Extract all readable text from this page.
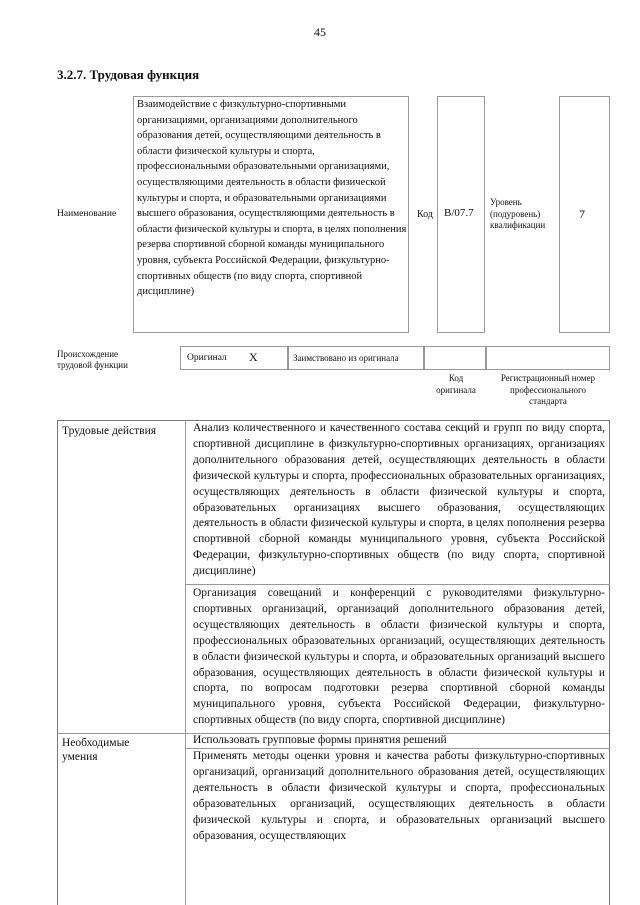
45
3.2.7. Трудовая функция
Наименование
Взаимодействие с физкультурно-спортивными организациями, организациями дополнительного образования детей, осуществляющими деятельность в области физической культуры и спорта, профессиональными образовательными организациями, осуществляющими деятельность в области физической культуры и спорта, и образовательными организациями высшего образования, осуществляющими деятельность в области физической культуры и спорта, в целях пополнения резерва спортивной сборной команды муниципального уровня, субъекта Российской Федерации, физкультурно-спортивных обществ (по виду спорта, спортивной дисциплине)
Код B/07.7
Уровень
(подуровень)
квалификации
7
Происхождение
трудовой функции
Оригинал X	Заимствовано из оригинала
Код
оригинала
Регистрационный номер
профессионального
стандарта
Трудовые действия	Анализ количественного и качественного состава секций и групп по виду спорта, спортивной дисциплине в физкультурно-спортивных организациях, организациях дополнительного образования детей, осуществляющих деятельность в области физической культуры и спорта, профессиональных образовательных организациях, осуществляющих деятельность в области физической культуры и спорта, образовательных организациях высшего образования, осуществляющих деятельность в области физической культуры и спорта, в целях пополнения резерва спортивной сборной команды муниципального уровня, субъекта Российской Федерации, физкультурно-спортивных обществ (по виду спорта, спортивной дисциплине)
Организация совещаний и конференций с руководителями физкультурно-спортивных организаций, организаций дополнительного образования детей, осуществляющих деятельность в области физической культуры и спорта, профессиональных образовательных организаций, осуществляющих деятельность в области физической культуры и спорта, и образовательных организаций высшего образования, осуществляющих деятельность в области физической культуры и спорта, по вопросам подготовки резерва спортивной сборной команды муниципального уровня, субъекта Российской Федерации, физкультурно-спортивных обществ (по виду спорта, спортивной дисциплине)
Необходимые
умения
Использовать групповые формы принятия решений
Применять методы оценки уровня и качества работы физкультурно-спортивных организаций, организаций дополнительного образования детей, осуществляющих деятельность в области физической культуры и спорта, профессиональных образовательных организаций, осуществляющих деятельность в области физической культуры и спорта, и образовательных организаций высшего образования, осуществляющих
